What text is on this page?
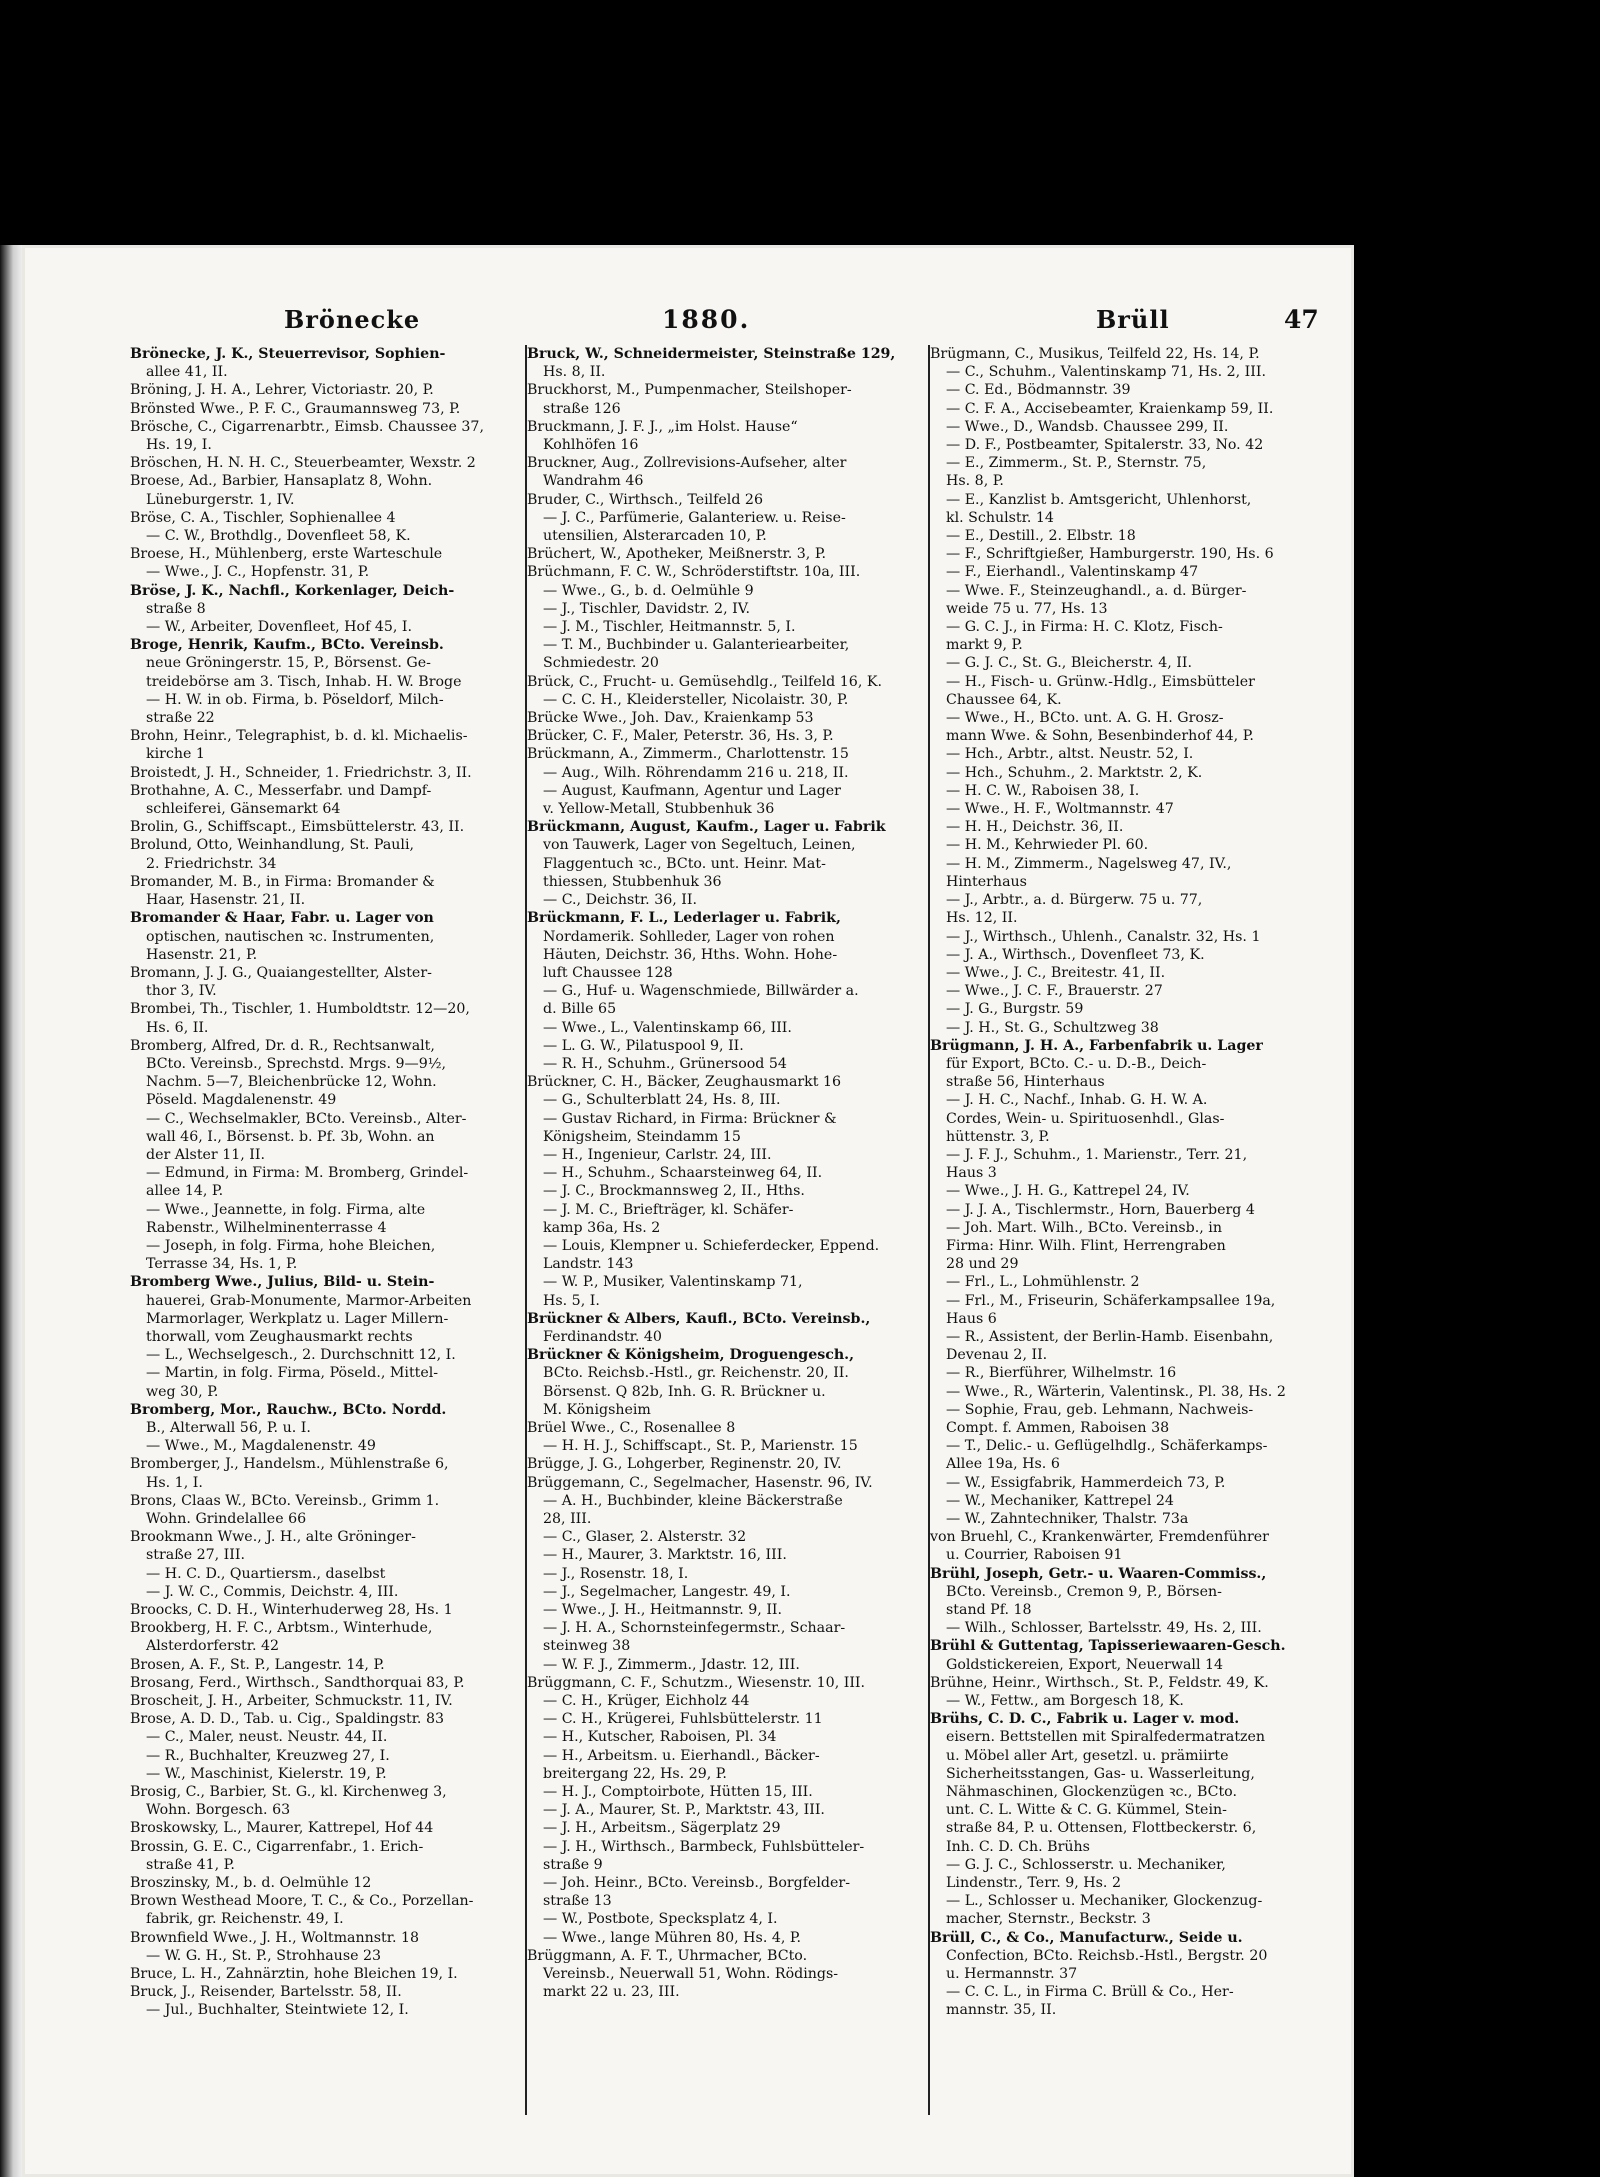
Brönecke	1880.	Brüll	47
Brönecke, J. K., Steuerrevisor, Sophien-
allee 41, II.
Bröning, J. H. A., Lehrer, Victoriastr. 20, P.
Brönsted Wwe., P. F. C., Graumannsweg 73, P.
Brösche, C., Cigarrenarbtr., Eimsb. Chaussee 37,
Hs. 19, I.
Bröschen, H. N. H. C., Steuerbeamter, Wexstr. 2
Broese, Ad., Barbier, Hansaplatz 8, Wohn.
Lüneburgerstr. 1, IV.
Bröse, C. A., Tischler, Sophienallee 4
— C. W., Brothdlg., Dovenfleet 58, K.
Broese, H., Mühlenberg, erste Warteschule
— Wwe., J. C., Hopfenstr. 31, P.
Bröse, J. K., Nachfl., Korkenlager, Deich-
straße 8
— W., Arbeiter, Dovenfleet, Hof 45, I.
Broge, Henrik, Kaufm., BCto. Vereinsb.
neue Gröningerstr. 15, P., Börsenst. Ge-
treidebörse am 3. Tisch, Inhab. H. W. Broge
— H. W. in ob. Firma, b. Pöseldorf, Milch-
straße 22
Brohn, Heinr., Telegraphist, b. d. kl. Michaelis-
kirche 1
Broistedt, J. H., Schneider, 1. Friedrichstr. 3, II.
Brothahne, A. C., Messerfabr. und Dampf-
schleiferei, Gänsemarkt 64
Brolin, G., Schiffscapt., Eimsbüttelerstr. 43, II.
Brolund, Otto, Weinhandlung, St. Pauli,
2. Friedrichstr. 34
Bromander, M. B., in Firma: Bromander &
Haar, Hasenstr. 21, II.
Bromander & Haar, Fabr. u. Lager von
optischen, nautischen ꝛc. Instrumenten,
Hasenstr. 21, P.
Bromann, J. J. G., Quaiangestellter, Alster-
thor 3, IV.
Brombei, Th., Tischler, 1. Humboldtstr. 12—20,
Hs. 6, II.
Bromberg, Alfred, Dr. d. R., Rechtsanwalt,
BCto. Vereinsb., Sprechstd. Mrgs. 9—9½,
Nachm. 5—7, Bleichenbrücke 12, Wohn.
Pöseld. Magdalenenstr. 49
— C., Wechselmakler, BCto. Vereinsb., Alter-
wall 46, I., Börsenst. b. Pf. 3b, Wohn. an
der Alster 11, II.
— Edmund, in Firma: M. Bromberg, Grindel-
allee 14, P.
— Wwe., Jeannette, in folg. Firma, alte
Rabenstr., Wilhelminenterrasse 4
— Joseph, in folg. Firma, hohe Bleichen,
Terrasse 34, Hs. 1, P.
Bromberg Wwe., Julius, Bild- u. Stein-
hauerei, Grab-Monumente, Marmor-Arbeiten
Marmorlager, Werkplatz u. Lager Millern-
thorwall, vom Zeughausmarkt rechts
— L., Wechselgesch., 2. Durchschnitt 12, I.
— Martin, in folg. Firma, Pöseld., Mittel-
weg 30, P.
Bromberg, Mor., Rauchw., BCto. Nordd.
B., Alterwall 56, P. u. I.
— Wwe., M., Magdalenenstr. 49
Bromberger, J., Handelsm., Mühlenstraße 6,
Hs. 1, I.
Brons, Claas W., BCto. Vereinsb., Grimm 1.
Wohn. Grindelallee 66
Brookmann Wwe., J. H., alte Gröninger-
straße 27, III.
— H. C. D., Quartiersm., daselbst
— J. W. C., Commis, Deichstr. 4, III.
Broocks, C. D. H., Winterhuderweg 28, Hs. 1
Brookberg, H. F. C., Arbtsm., Winterhude,
Alsterdorferstr. 42
Brosen, A. F., St. P., Langestr. 14, P.
Brosang, Ferd., Wirthsch., Sandthorquai 83, P.
Broscheit, J. H., Arbeiter, Schmuckstr. 11, IV.
Brose, A. D. D., Tab. u. Cig., Spaldingstr. 83
— C., Maler, neust. Neustr. 44, II.
— R., Buchhalter, Kreuzweg 27, I.
— W., Maschinist, Kielerstr. 19, P.
Brosig, C., Barbier, St. G., kl. Kirchenweg 3,
Wohn. Borgesch. 63
Broskowsky, L., Maurer, Kattrepel, Hof 44
Brossin, G. E. C., Cigarrenfabr., 1. Erich-
straße 41, P.
Broszinsky, M., b. d. Oelmühle 12
Brown Westhead Moore, T. C., & Co., Porzellan-
fabrik, gr. Reichenstr. 49, I.
Brownfield Wwe., J. H., Woltmannstr. 18
— W. G. H., St. P., Strohhause 23
Bruce, L. H., Zahnärztin, hohe Bleichen 19, I.
Bruck, J., Reisender, Bartelsstr. 58, II.
— Jul., Buchhalter, Steintwiete 12, I.
Bruck, W., Schneidermeister, Steinstraße 129,
Hs. 8, II.
Bruckhorst, M., Pumpenmacher, Steilshoper-
straße 126
Bruckmann, J. F. J., „im Holst. Hause“
Kohlhöfen 16
Bruckner, Aug., Zollrevisions-Aufseher, alter
Wandrahm 46
Bruder, C., Wirthsch., Teilfeld 26
— J. C., Parfümerie, Galanteriew. u. Reise-
utensilien, Alsterarcaden 10, P.
Brüchert, W., Apotheker, Meißnerstr. 3, P.
Brüchmann, F. C. W., Schröderstiftstr. 10a, III.
— Wwe., G., b. d. Oelmühle 9
— J., Tischler, Davidstr. 2, IV.
— J. M., Tischler, Heitmannstr. 5, I.
— T. M., Buchbinder u. Galanteriearbeiter,
Schmiedestr. 20
Brück, C., Frucht- u. Gemüsehdlg., Teilfeld 16, K.
— C. C. H., Kleidersteller, Nicolaistr. 30, P.
Brücke Wwe., Joh. Dav., Kraienkamp 53
Brücker, C. F., Maler, Peterstr. 36, Hs. 3, P.
Brückmann, A., Zimmerm., Charlottenstr. 15
— Aug., Wilh. Röhrendamm 216 u. 218, II.
— August, Kaufmann, Agentur und Lager
v. Yellow-Metall, Stubbenhuk 36
Brückmann, August, Kaufm., Lager u. Fabrik
von Tauwerk, Lager von Segeltuch, Leinen,
Flaggentuch ꝛc., BCto. unt. Heinr. Mat-
thiessen, Stubbenhuk 36
— C., Deichstr. 36, II.
Brückmann, F. L., Lederlager u. Fabrik,
Nordamerik. Sohlleder, Lager von rohen
Häuten, Deichstr. 36, Hths. Wohn. Hohe-
luft Chaussee 128
— G., Huf- u. Wagenschmiede, Billwärder a.
d. Bille 65
— Wwe., L., Valentinskamp 66, III.
— L. G. W., Pilatuspool 9, II.
— R. H., Schuhm., Grünersood 54
Brückner, C. H., Bäcker, Zeughausmarkt 16
— G., Schulterblatt 24, Hs. 8, III.
— Gustav Richard, in Firma: Brückner &
Königsheim, Steindamm 15
— H., Ingenieur, Carlstr. 24, III.
— H., Schuhm., Schaarsteinweg 64, II.
— J. C., Brockmannsweg 2, II., Hths.
— J. M. C., Briefträger, kl. Schäfer-
kamp 36a, Hs. 2
— Louis, Klempner u. Schieferdecker, Eppend.
Landstr. 143
— W. P., Musiker, Valentinskamp 71,
Hs. 5, I.
Brückner & Albers, Kaufl., BCto. Vereinsb.,
Ferdinandstr. 40
Brückner & Königsheim, Droguengesch.,
BCto. Reichsb.-Hstl., gr. Reichenstr. 20, II.
Börsenst. Q 82b, Inh. G. R. Brückner u.
M. Königsheim
Brüel Wwe., C., Rosenallee 8
— H. H. J., Schiffscapt., St. P., Marienstr. 15
Brügge, J. G., Lohgerber, Reginenstr. 20, IV.
Brüggemann, C., Segelmacher, Hasenstr. 96, IV.
— A. H., Buchbinder, kleine Bäckerstraße
28, III.
— C., Glaser, 2. Alsterstr. 32
— H., Maurer, 3. Marktstr. 16, III.
— J., Rosenstr. 18, I.
— J., Segelmacher, Langestr. 49, I.
— Wwe., J. H., Heitmannstr. 9, II.
— J. H. A., Schornsteinfegermstr., Schaar-
steinweg 38
— W. F. J., Zimmerm., Jdastr. 12, III.
Brüggmann, C. F., Schutzm., Wiesenstr. 10, III.
— C. H., Krüger, Eichholz 44
— C. H., Krügerei, Fuhlsbüttelerstr. 11
— H., Kutscher, Raboisen, Pl. 34
— H., Arbeitsm. u. Eierhandl., Bäcker-
breitergang 22, Hs. 29, P.
— H. J., Comptoirbote, Hütten 15, III.
— J. A., Maurer, St. P., Marktstr. 43, III.
— J. H., Arbeitsm., Sägerplatz 29
— J. H., Wirthsch., Barmbeck, Fuhlsbütteler-
straße 9
— Joh. Heinr., BCto. Vereinsb., Borgfelder-
straße 13
— W., Postbote, Specksplatz 4, I.
— Wwe., lange Mühren 80, Hs. 4, P.
Brüggmann, A. F. T., Uhrmacher, BCto.
Vereinsb., Neuerwall 51, Wohn. Rödings-
markt 22 u. 23, III.
Brügmann, C., Musikus, Teilfeld 22, Hs. 14, P.
— C., Schuhm., Valentinskamp 71, Hs. 2, III.
— C. Ed., Bödmannstr. 39
— C. F. A., Accisebeamter, Kraienkamp 59, II.
— Wwe., D., Wandsb. Chaussee 299, II.
— D. F., Postbeamter, Spitalerstr. 33, No. 42
— E., Zimmerm., St. P., Sternstr. 75,
Hs. 8, P.
— E., Kanzlist b. Amtsgericht, Uhlenhorst,
kl. Schulstr. 14
— E., Destill., 2. Elbstr. 18
— F., Schriftgießer, Hamburgerstr. 190, Hs. 6
— F., Eierhandl., Valentinskamp 47
— Wwe. F., Steinzeughandl., a. d. Bürger-
weide 75 u. 77, Hs. 13
— G. C. J., in Firma: H. C. Klotz, Fisch-
markt 9, P.
— G. J. C., St. G., Bleicherstr. 4, II.
— H., Fisch- u. Grünw.-Hdlg., Eimsbütteler
Chaussee 64, K.
— Wwe., H., BCto. unt. A. G. H. Grosz-
mann Wwe. & Sohn, Besenbinderhof 44, P.
— Hch., Arbtr., altst. Neustr. 52, I.
— Hch., Schuhm., 2. Marktstr. 2, K.
— H. C. W., Raboisen 38, I.
— Wwe., H. F., Woltmannstr. 47
— H. H., Deichstr. 36, II.
— H. M., Kehrwieder Pl. 60.
— H. M., Zimmerm., Nagelsweg 47, IV.,
Hinterhaus
— J., Arbtr., a. d. Bürgerw. 75 u. 77,
Hs. 12, II.
— J., Wirthsch., Uhlenh., Canalstr. 32, Hs. 1
— J. A., Wirthsch., Dovenfleet 73, K.
— Wwe., J. C., Breitestr. 41, II.
— Wwe., J. C. F., Brauerstr. 27
— J. G., Burgstr. 59
— J. H., St. G., Schultzweg 38
Brügmann, J. H. A., Farbenfabrik u. Lager
für Export, BCto. C.- u. D.-B., Deich-
straße 56, Hinterhaus
— J. H. C., Nachf., Inhab. G. H. W. A.
Cordes, Wein- u. Spirituosenhdl., Glas-
hüttenstr. 3, P.
— J. F. J., Schuhm., 1. Marienstr., Terr. 21,
Haus 3
— Wwe., J. H. G., Kattrepel 24, IV.
— J. J. A., Tischlermstr., Horn, Bauerberg 4
— Joh. Mart. Wilh., BCto. Vereinsb., in
Firma: Hinr. Wilh. Flint, Herrengraben
28 und 29
— Frl., L., Lohmühlenstr. 2
— Frl., M., Friseurin, Schäferkampsallee 19a,
Haus 6
— R., Assistent, der Berlin-Hamb. Eisenbahn,
Devenau 2, II.
— R., Bierführer, Wilhelmstr. 16
— Wwe., R., Wärterin, Valentinsk., Pl. 38, Hs. 2
— Sophie, Frau, geb. Lehmann, Nachweis-
Compt. f. Ammen, Raboisen 38
— T., Delic.- u. Geflügelhdlg., Schäferkamps-
Allee 19a, Hs. 6
— W., Essigfabrik, Hammerdeich 73, P.
— W., Mechaniker, Kattrepel 24
— W., Zahntechniker, Thalstr. 73a
von Bruehl, C., Krankenwärter, Fremdenführer
u. Courrier, Raboisen 91
Brühl, Joseph, Getr.- u. Waaren-Commiss.,
BCto. Vereinsb., Cremon 9, P., Börsen-
stand Pf. 18
— Wilh., Schlosser, Bartelsstr. 49, Hs. 2, III.
Brühl & Guttentag, Tapisseriewaaren-Gesch.
Goldstickereien, Export, Neuerwall 14
Brühne, Heinr., Wirthsch., St. P., Feldstr. 49, K.
— W., Fettw., am Borgesch 18, K.
Brühs, C. D. C., Fabrik u. Lager v. mod.
eisern. Bettstellen mit Spiralfedermatratzen
u. Möbel aller Art, gesetzl. u. prämiirte
Sicherheitsstangen, Gas- u. Wasserleitung,
Nähmaschinen, Glockenzügen ꝛc., BCto.
unt. C. L. Witte & C. G. Kümmel, Stein-
straße 84, P. u. Ottensen, Flottbeckerstr. 6,
Inh. C. D. Ch. Brühs
— G. J. C., Schlosserstr. u. Mechaniker,
Lindenstr., Terr. 9, Hs. 2
— L., Schlosser u. Mechaniker, Glockenzug-
macher, Sternstr., Beckstr. 3
Brüll, C., & Co., Manufacturw., Seide u.
Confection, BCto. Reichsb.-Hstl., Bergstr. 20
u. Hermannstr. 37
— C. C. L., in Firma C. Brüll & Co., Her-
mannstr. 35, II.
